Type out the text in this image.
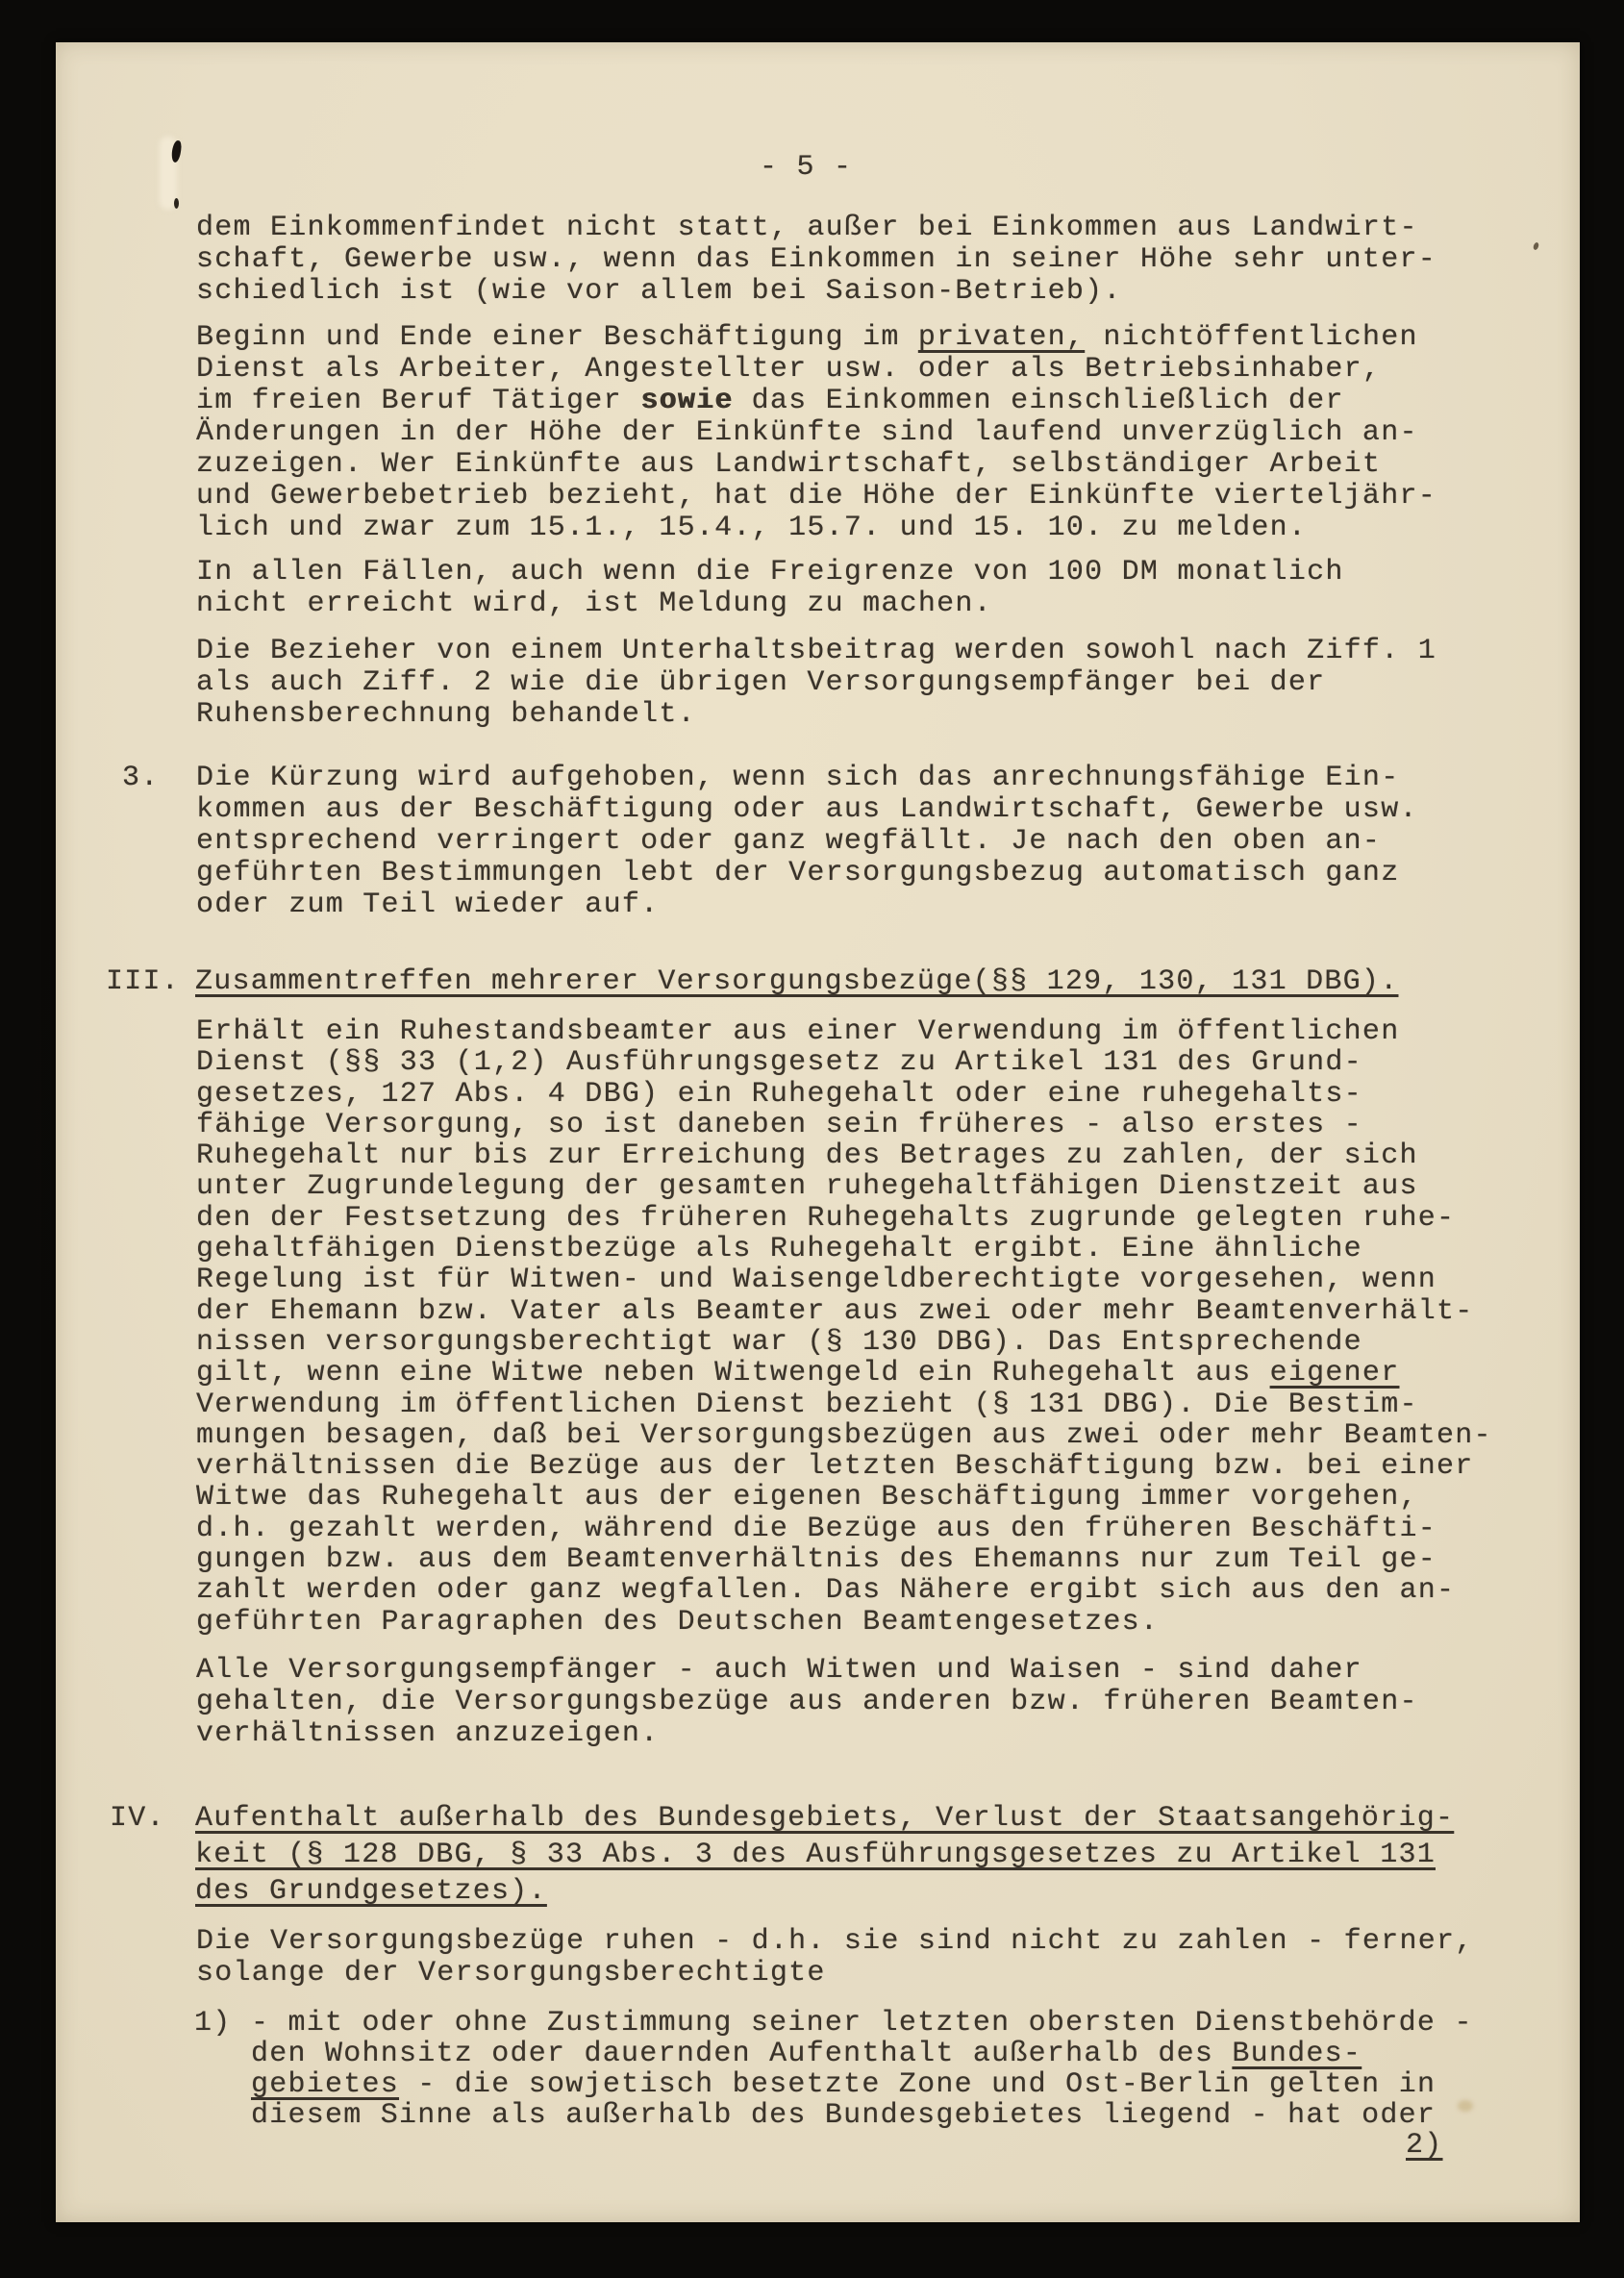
- 5 -
dem Einkommenfindet nicht statt, außer bei Einkommen aus Landwirt-
schaft, Gewerbe usw., wenn das Einkommen in seiner Höhe sehr unter-
schiedlich ist (wie vor allem bei Saison-Betrieb).
Beginn und Ende einer Beschäftigung im privaten, nichtöffentlichen
Dienst als Arbeiter, Angestellter usw. oder als Betriebsinhaber,
im freien Beruf Tätiger sowie das Einkommen einschließlich der
Änderungen in der Höhe der Einkünfte sind laufend unverzüglich an-
zuzeigen. Wer Einkünfte aus Landwirtschaft, selbständiger Arbeit
und Gewerbebetrieb bezieht, hat die Höhe der Einkünfte vierteljähr-
lich und zwar zum 15.1., 15.4., 15.7. und 15. 10. zu melden.
In allen Fällen, auch wenn die Freigrenze von 100 DM monatlich
nicht erreicht wird, ist Meldung zu machen.
Die Bezieher von einem Unterhaltsbeitrag werden sowohl nach Ziff. 1
als auch Ziff. 2 wie die übrigen Versorgungsempfänger bei der
Ruhensberechnung behandelt.
3. Die Kürzung wird aufgehoben, wenn sich das anrechnungsfähige Ein-
kommen aus der Beschäftigung oder aus Landwirtschaft, Gewerbe usw.
entsprechend verringert oder ganz wegfällt. Je nach den oben an-
geführten Bestimmungen lebt der Versorgungsbezug automatisch ganz
oder zum Teil wieder auf.
III. Zusammentreffen mehrerer Versorgungsbezüge(§§ 129, 130, 131 DBG).
Erhält ein Ruhestandsbeamter aus einer Verwendung im öffentlichen
Dienst (§§ 33 (1,2) Ausführungsgesetz zu Artikel 131 des Grund-
gesetzes, 127 Abs. 4 DBG) ein Ruhegehalt oder eine ruhegehalts-
fähige Versorgung, so ist daneben sein früheres - also erstes -
Ruhegehalt nur bis zur Erreichung des Betrages zu zahlen, der sich
unter Zugrundelegung der gesamten ruhegehaltfähigen Dienstzeit aus
den der Festsetzung des früheren Ruhegehalts zugrunde gelegten ruhe-
gehaltfähigen Dienstbezüge als Ruhegehalt ergibt. Eine ähnliche
Regelung ist für Witwen- und Waisengeldberechtigte vorgesehen, wenn
der Ehemann bzw. Vater als Beamter aus zwei oder mehr Beamtenverhält-
nissen versorgungsberechtigt war (§ 130 DBG). Das Entsprechende
gilt, wenn eine Witwe neben Witwengeld ein Ruhegehalt aus eigener
Verwendung im öffentlichen Dienst bezieht (§ 131 DBG). Die Bestim-
mungen besagen, daß bei Versorgungsbezügen aus zwei oder mehr Beamten-
verhältnissen die Bezüge aus der letzten Beschäftigung bzw. bei einer
Witwe das Ruhegehalt aus der eigenen Beschäftigung immer vorgehen,
d.h. gezahlt werden, während die Bezüge aus den früheren Beschäfti-
gungen bzw. aus dem Beamtenverhältnis des Ehemanns nur zum Teil ge-
zahlt werden oder ganz wegfallen. Das Nähere ergibt sich aus den an-
geführten Paragraphen des Deutschen Beamtengesetzes.
Alle Versorgungsempfänger - auch Witwen und Waisen - sind daher
gehalten, die Versorgungsbezüge aus anderen bzw. früheren Beamten-
verhältnissen anzuzeigen.
IV. Aufenthalt außerhalb des Bundesgebiets, Verlust der Staatsangehörig-
keit (§ 128 DBG, § 33 Abs. 3 des Ausführungsgesetzes zu Artikel 131
des Grundgesetzes).
Die Versorgungsbezüge ruhen - d.h. sie sind nicht zu zahlen - ferner,
solange der Versorgungsberechtigte
1) - mit oder ohne Zustimmung seiner letzten obersten Dienstbehörde -
den Wohnsitz oder dauernden Aufenthalt außerhalb des Bundes-
gebietes - die sowjetisch besetzte Zone und Ost-Berlin gelten in
diesem Sinne als außerhalb des Bundesgebietes liegend - hat oder
2)
